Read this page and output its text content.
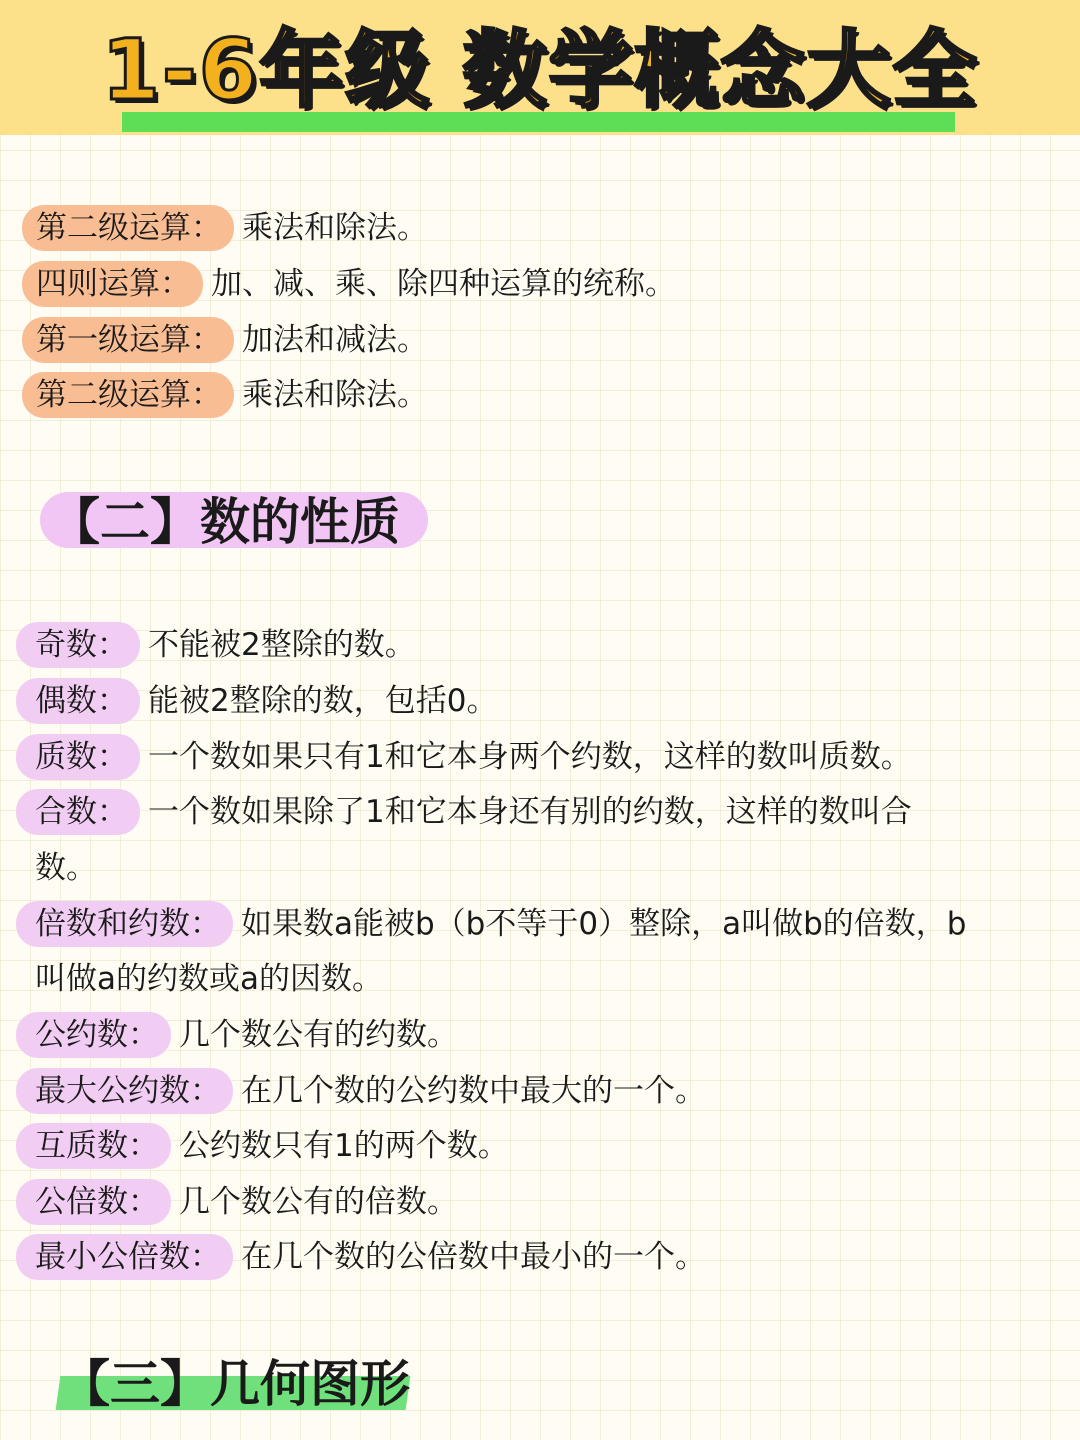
1-6年级 数学概念大全
第二级运算： 乘法和除法。
四则运算： 加、减、乘、除四种运算的统称。
第一级运算： 加法和减法。
第二级运算： 乘法和除法。
【二】数的性质
奇数： 不能被2整除的数。
偶数： 能被2整除的数，包括0。
质数： 一个数如果只有1和它本身两个约数，这样的数叫质数。
合数： 一个数如果除了1和它本身还有别的约数，这样的数叫合
数。
倍数和约数： 如果数a能被b（b不等于0）整除，a叫做b的倍数，b
叫做a的约数或a的因数。
公约数： 几个数公有的约数。
最大公约数： 在几个数的公约数中最大的一个。
互质数： 公约数只有1的两个数。
公倍数： 几个数公有的倍数。
最小公倍数： 在几个数的公倍数中最小的一个。
【三】几何图形
